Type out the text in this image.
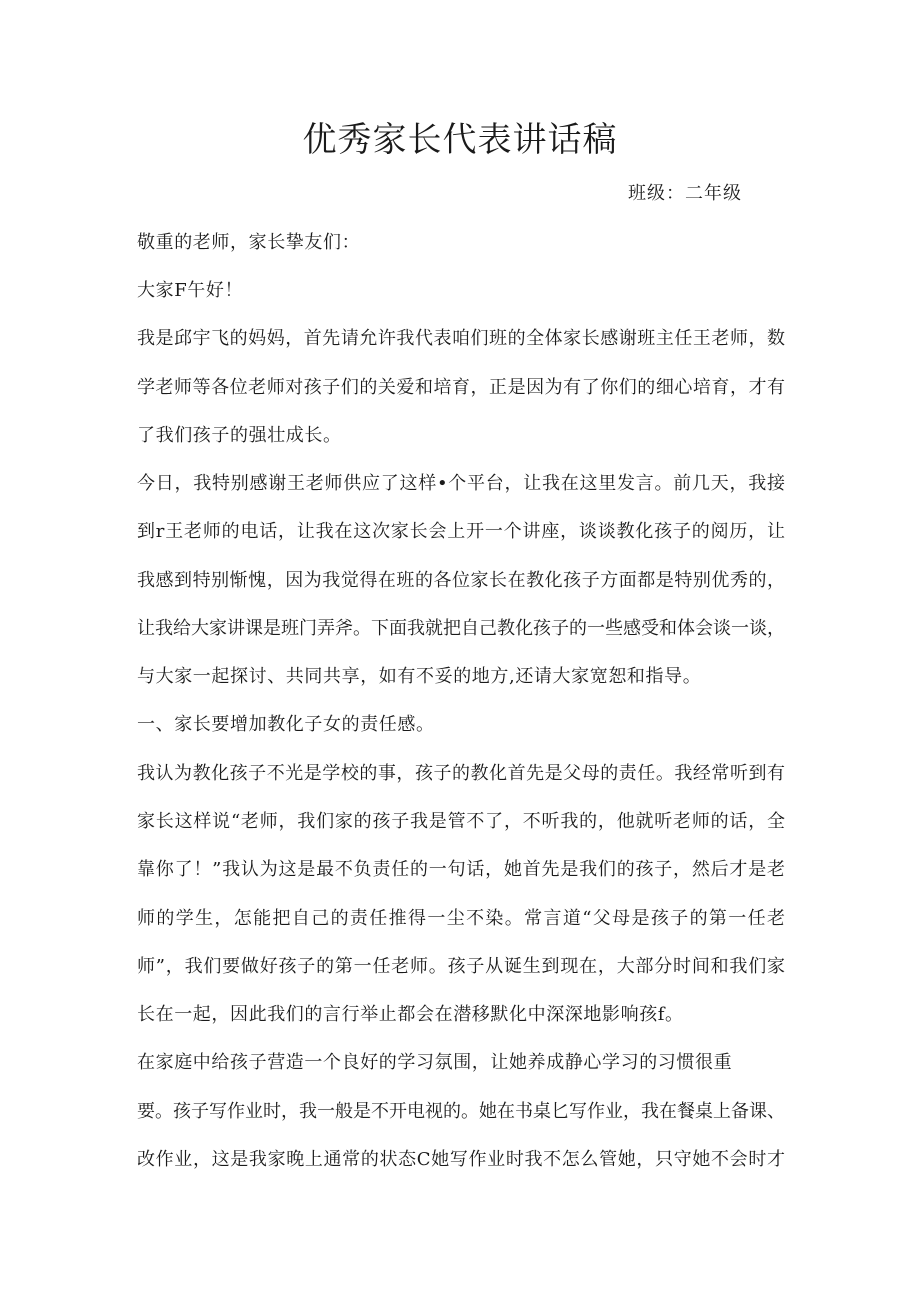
优秀家长代表讲话稿
班级：二年级
敬重的老师，家长挚友们：
大家F午好！
我是邱宇飞的妈妈，首先请允许我代表咱们班的全体家长感谢班主任王老师，数
学老师等各位老师对孩子们的关爱和培育，正是因为有了你们的细心培育，才有
了我们孩子的强壮成长。
今日，我特别感谢王老师供应了这样•个平台，让我在这里发言。前几天，我接
到r王老师的电话，让我在这次家长会上开一个讲座，谈谈教化孩子的阅历，让
我感到特别惭愧，因为我觉得在班的各位家长在教化孩子方面都是特别优秀的，
让我给大家讲课是班门弄斧。下面我就把自己教化孩子的一些感受和体会谈一谈，
与大家一起探讨、共同共享，如有不妥的地方,还请大家宽恕和指导。
一、家长要增加教化子女的责任感。
我认为教化孩子不光是学校的事，孩子的教化首先是父母的责任。我经常听到有
家长这样说“老师，我们家的孩子我是管不了，不听我的，他就听老师的话，全
靠你了！”我认为这是最不负责任的一句话，她首先是我们的孩子，然后才是老
师的学生，怎能把自己的责任推得一尘不染。常言道“父母是孩子的第一任老
师”，我们要做好孩子的第一任老师。孩子从诞生到现在，大部分时间和我们家
长在一起，因此我们的言行举止都会在潜移默化中深深地影响孩f。
在家庭中给孩子营造一个良好的学习氛围，让她养成静心学习的习惯很重
要。孩子写作业时，我一般是不开电视的。她在书桌匕写作业，我在餐桌上备课、
改作业，这是我家晚上通常的状态C她写作业时我不怎么管她，只守她不会时才
